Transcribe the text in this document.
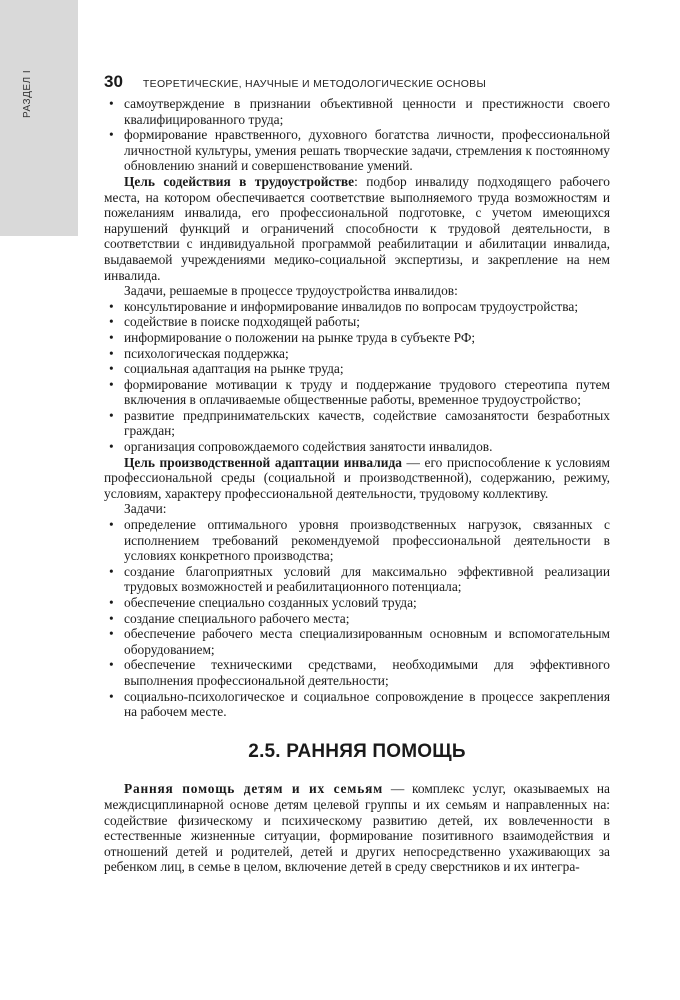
РАЗДЕЛ I	30 ТЕОРЕТИЧЕСКИЕ, НАУЧНЫЕ И МЕТОДОЛОГИЧЕСКИЕ ОСНОВЫ
• самоутверждение в признании объективной ценности и престижности своего квалифицированного труда;
• формирование нравственного, духовного богатства личности, профессиональной личностной культуры, умения решать творческие задачи, стремления к постоянному обновлению знаний и совершенствование умений.

Цель содействия в трудоустройстве: подбор инвалиду подходящего рабочего места, на котором обеспечивается соответствие выполняемого труда возможностям и пожеланиям инвалида, его профессиональной подготовке, с учетом имеющихся нарушений функций и ограничений способности к трудовой деятельности, в соответствии с индивидуальной программой реабилитации и абилитации инвалида, выдаваемой учреждениями медико-социальной экспертизы, и закрепление на нем инвалида.

Задачи, решаемые в процессе трудоустройства инвалидов:

• консультирование и информирование инвалидов по вопросам трудоустройства;
• содействие в поиске подходящей работы;
• информирование о положении на рынке труда в субъекте РФ;
• психологическая поддержка;
• социальная адаптация на рынке труда;
• формирование мотивации к труду и поддержание трудового стереотипа путем включения в оплачиваемые общественные работы, временное трудоустройство;
• развитие предпринимательских качеств, содействие самозанятости безработных граждан;
• организация сопровождаемого содействия занятости инвалидов.

Цель производственной адаптации инвалида — его приспособление к условиям профессиональной среды (социальной и производственной), содержанию, режиму, условиям, характеру профессиональной деятельности, трудовому коллективу.

Задачи:

• определение оптимального уровня производственных нагрузок, связанных с исполнением требований рекомендуемой профессиональной деятельности в условиях конкретного производства;
• создание благоприятных условий для максимально эффективной реализации трудовых возможностей и реабилитационного потенциала;
• обеспечение специально созданных условий труда;
• создание специального рабочего места;
• обеспечение рабочего места специализированным основным и вспомогательным оборудованием;
• обеспечение техническими средствами, необходимыми для эффективного выполнения профессиональной деятельности;
• социально-психологическое и социальное сопровождение в процессе закрепления на рабочем месте.
2.5. РАННЯЯ ПОМОЩЬ

Ранняя помощь детям и их семьям — комплекс услуг, оказываемых на междисциплинарной основе детям целевой группы и их семьям и направленных на: содействие физическому и психическому развитию детей, их вовлеченности в естественные жизненные ситуации, формирование позитивного взаимодействия и отношений детей и родителей, детей и других непосредственно ухаживающих за ребенком лиц, в семье в целом, включение детей в среду сверстников и их интегра-
